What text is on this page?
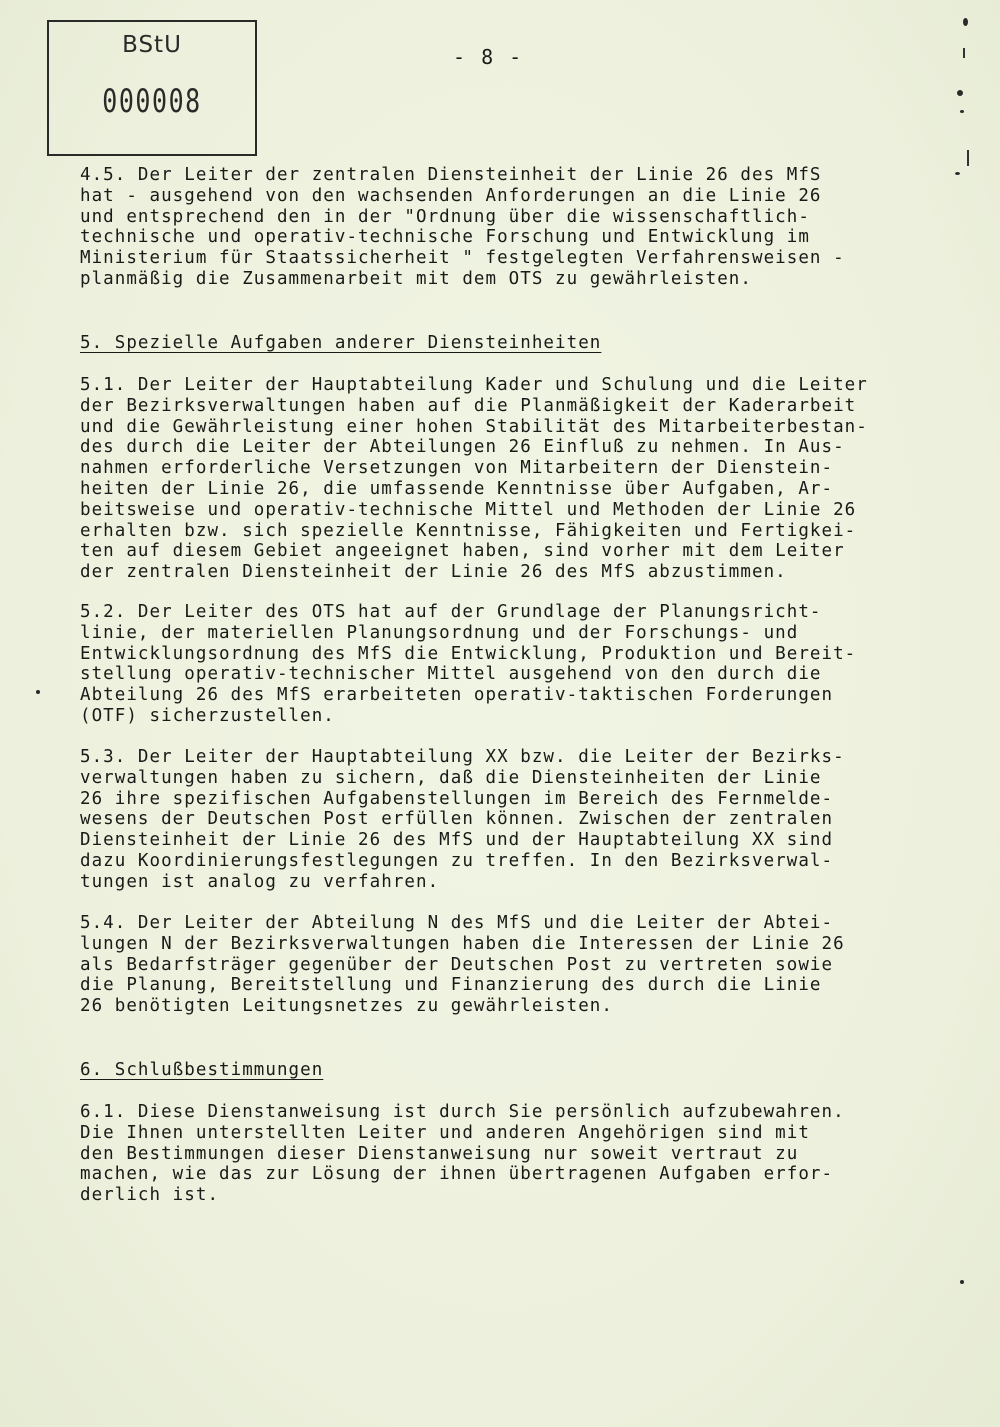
BStU
000008
- 8 -

4.5. Der Leiter der zentralen Diensteinheit der Linie 26 des MfS
hat - ausgehend von den wachsenden Anforderungen an die Linie 26
und entsprechend den in der "Ordnung über die wissenschaftlich-
technische und operativ-technische Forschung und Entwicklung im
Ministerium für Staatssicherheit " festgelegten Verfahrensweisen -
planmäßig die Zusammenarbeit mit dem OTS zu gewährleisten.

5. Spezielle Aufgaben anderer Diensteinheiten

5.1. Der Leiter der Hauptabteilung Kader und Schulung und die Leiter
der Bezirksverwaltungen haben auf die Planmäßigkeit der Kaderarbeit
und die Gewährleistung einer hohen Stabilität des Mitarbeiterbestan-
des durch die Leiter der Abteilungen 26 Einfluß zu nehmen. In Aus-
nahmen erforderliche Versetzungen von Mitarbeitern der Dienstein-
heiten der Linie 26, die umfassende Kenntnisse über Aufgaben, Ar-
beitsweise und operativ-technische Mittel und Methoden der Linie 26
erhalten bzw. sich spezielle Kenntnisse, Fähigkeiten und Fertigkei-
ten auf diesem Gebiet angeeignet haben, sind vorher mit dem Leiter
der zentralen Diensteinheit der Linie 26 des MfS abzustimmen.

5.2. Der Leiter des OTS hat auf der Grundlage der Planungsricht-
linie, der materiellen Planungsordnung und der Forschungs- und
Entwicklungsordnung des MfS die Entwicklung, Produktion und Bereit-
stellung operativ-technischer Mittel ausgehend von den durch die
Abteilung 26 des MfS erarbeiteten operativ-taktischen Forderungen
(OTF) sicherzustellen.

5.3. Der Leiter der Hauptabteilung XX bzw. die Leiter der Bezirks-
verwaltungen haben zu sichern, daß die Diensteinheiten der Linie
26 ihre spezifischen Aufgabenstellungen im Bereich des Fernmelde-
wesens der Deutschen Post erfüllen können. Zwischen der zentralen
Diensteinheit der Linie 26 des MfS und der Hauptabteilung XX sind
dazu Koordinierungsfestlegungen zu treffen. In den Bezirksverwal-
tungen ist analog zu verfahren.

5.4. Der Leiter der Abteilung N des MfS und die Leiter der Abtei-
lungen N der Bezirksverwaltungen haben die Interessen der Linie 26
als Bedarfsträger gegenüber der Deutschen Post zu vertreten sowie
die Planung, Bereitstellung und Finanzierung des durch die Linie
26 benötigten Leitungsnetzes zu gewährleisten.

6. Schlußbestimmungen

6.1. Diese Dienstanweisung ist durch Sie persönlich aufzubewahren.
Die Ihnen unterstellten Leiter und anderen Angehörigen sind mit
den Bestimmungen dieser Dienstanweisung nur soweit vertraut zu
machen, wie das zur Lösung der ihnen übertragenen Aufgaben erfor-
derlich ist.
